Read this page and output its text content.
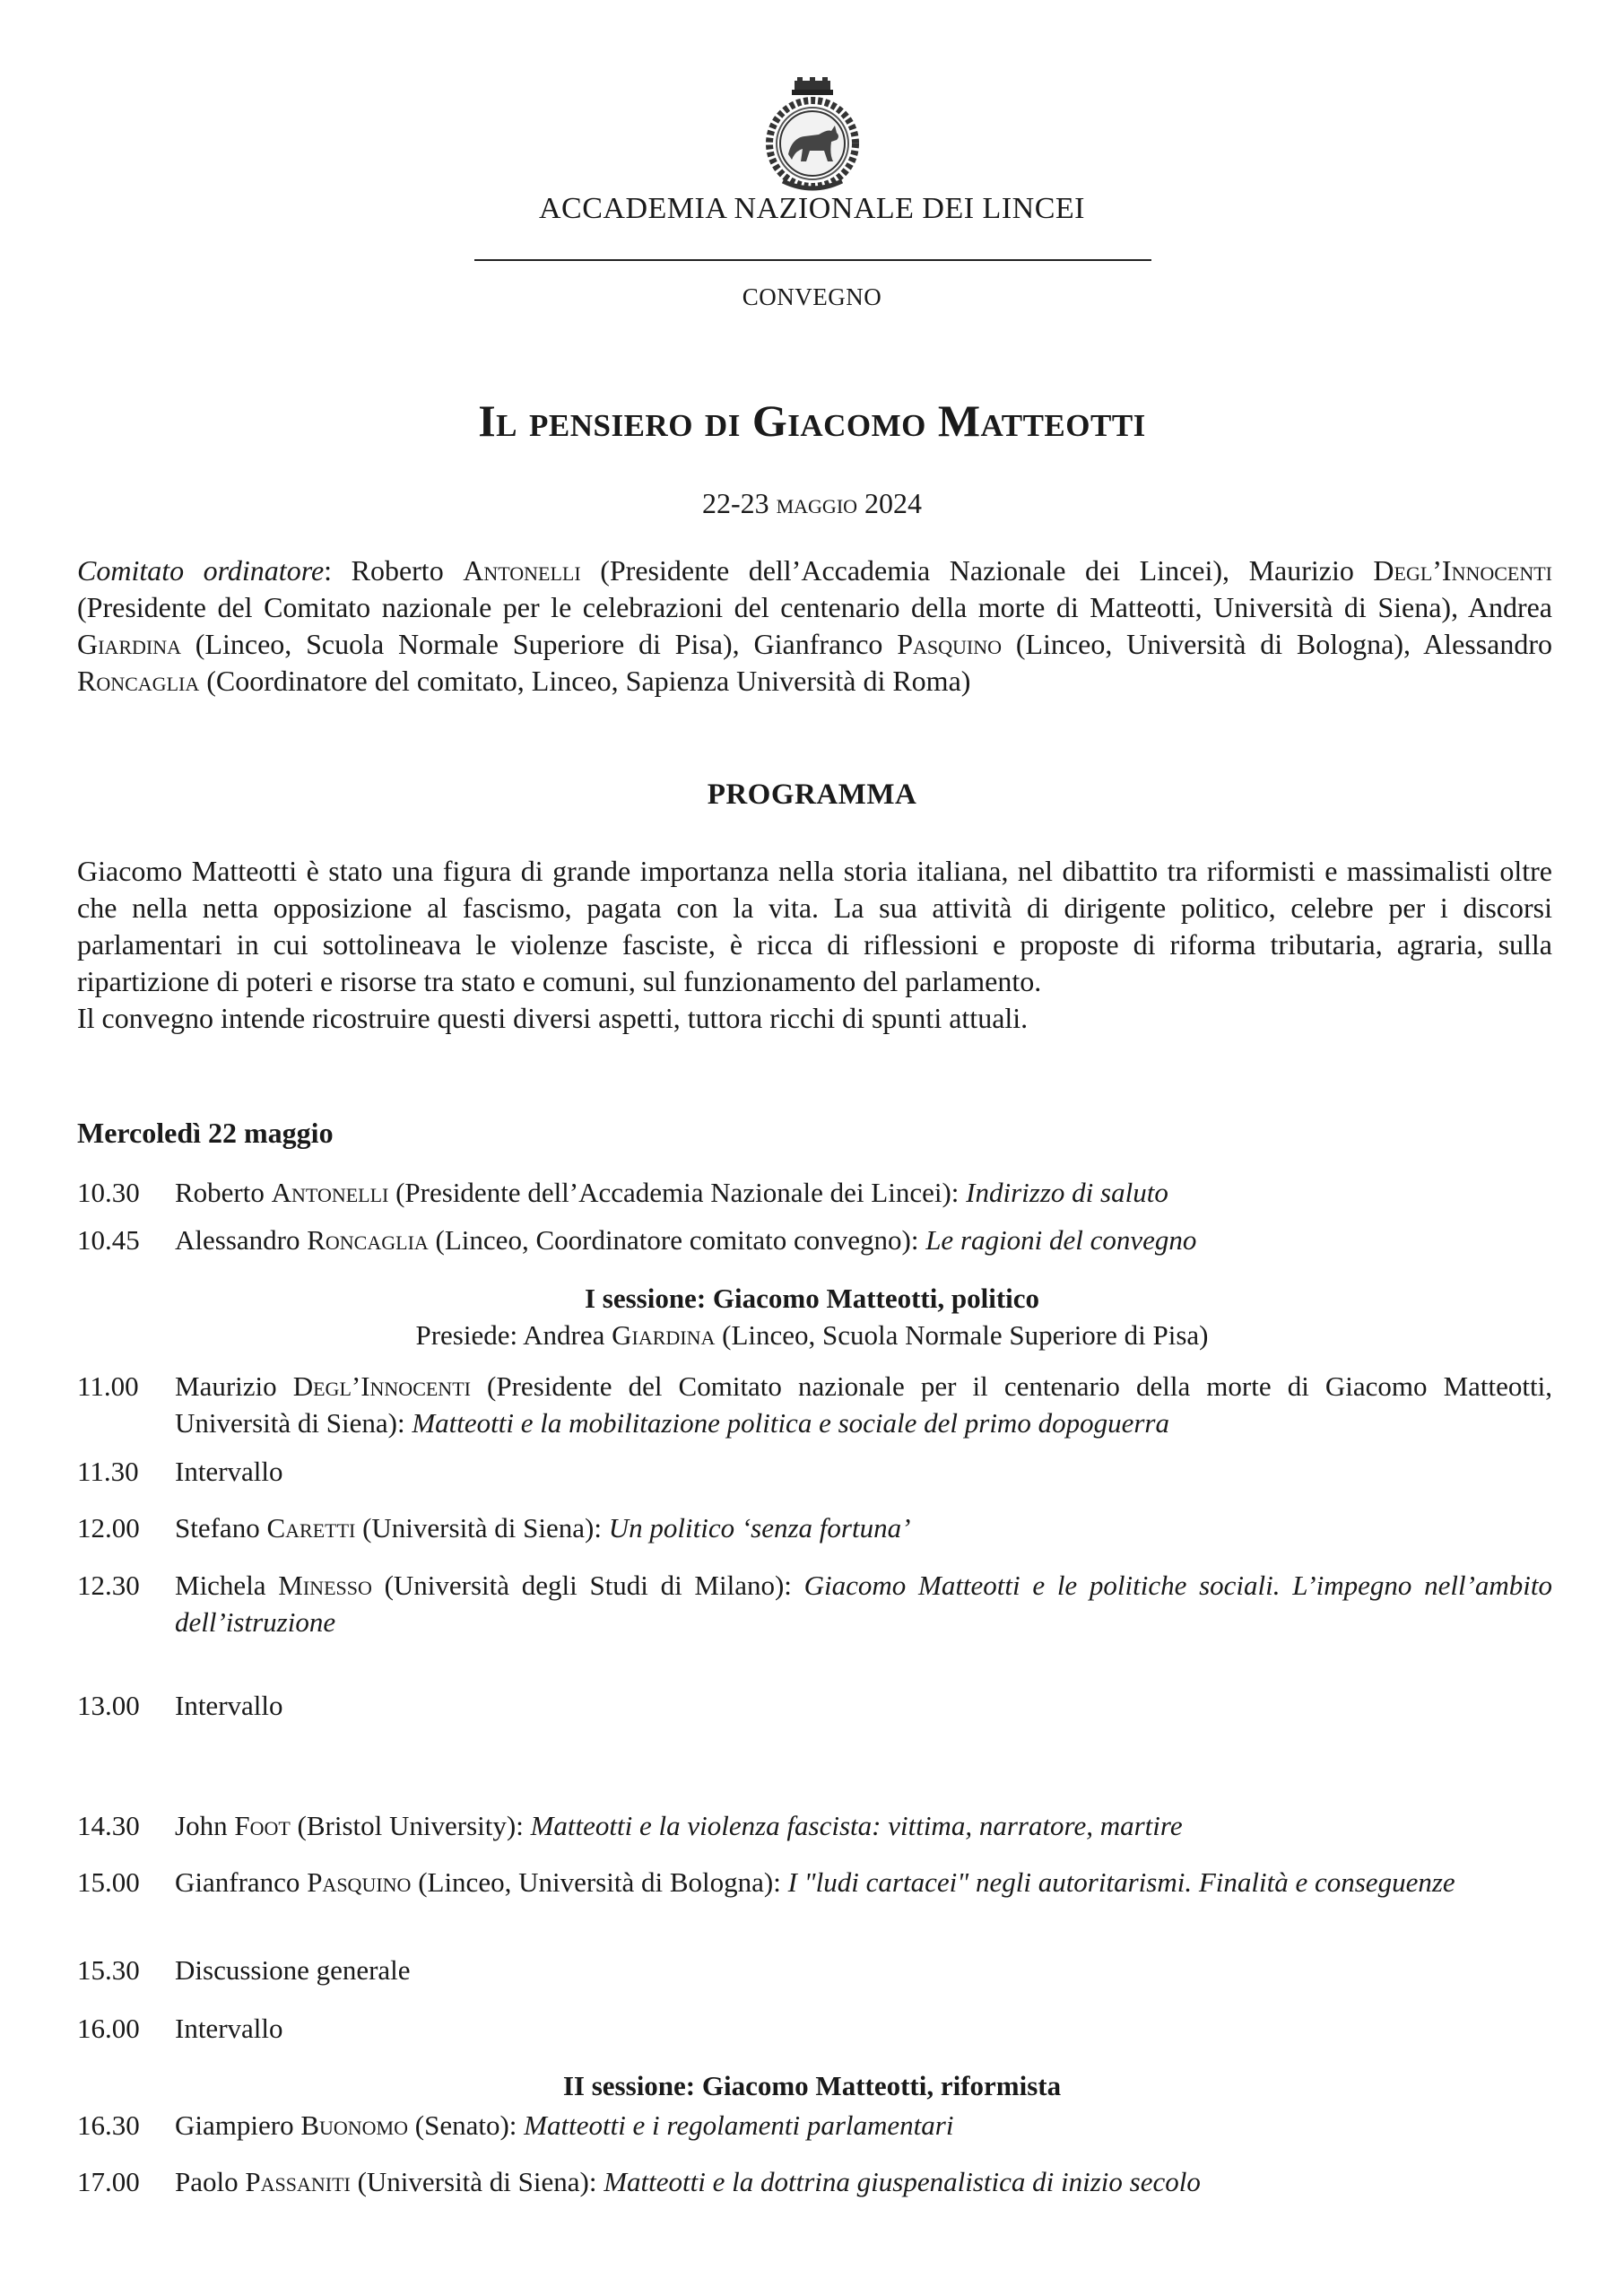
ACCADEMIA NAZIONALE DEI LINCEI
CONVEGNO
Il pensiero di Giacomo Matteotti
22-23 maggio 2024
Comitato ordinatore: Roberto Antonelli (Presidente dell’Accademia Nazionale dei Lincei), Maurizio Degl’Innocenti (Presidente del Comitato nazionale per le celebrazioni del centenario della morte di Matteotti, Università di Siena), Andrea Giardina (Linceo, Scuola Normale Superiore di Pisa), Gianfranco Pasquino (Linceo, Università di Bologna), Alessandro Roncaglia (Coordinatore del comitato, Linceo, Sapienza Università di Roma)
PROGRAMMA

Giacomo Matteotti è stato una figura di grande importanza nella storia italiana, nel dibattito tra riformisti e massimalisti oltre che nella netta opposizione al fascismo, pagata con la vita. La sua attività di dirigente politico, celebre per i discorsi parlamentari in cui sottolineava le violenze fasciste, è ricca di riflessioni e proposte di riforma tributaria, agraria, sulla ripartizione di poteri e risorse tra stato e comuni, sul funzionamento del parlamento.

Il convegno intende ricostruire questi diversi aspetti, tuttora ricchi di spunti attuali.

Mercoledì 22 maggio
10.30	Roberto Antonelli (Presidente dell’Accademia Nazionale dei Lincei): Indirizzo di saluto
10.45	Alessandro Roncaglia (Linceo, Coordinatore comitato convegno): Le ragioni del convegno
I sessione: Giacomo Matteotti, politico
Presiede: Andrea Giardina (Linceo, Scuola Normale Superiore di Pisa)
11.00	Maurizio Degl’Innocenti (Presidente del Comitato nazionale per il centenario della morte di Giacomo Matteotti, Università di Siena): Matteotti e la mobilitazione politica e sociale del primo dopoguerra
11.30	Intervallo
12.00	Stefano Caretti (Università di Siena): Un politico ‘senza fortuna’
12.30	Michela Minesso (Università degli Studi di Milano): Giacomo Matteotti e le politiche sociali. L’impegno nell’ambito dell’istruzione
13.00	Intervallo
14.30	John Foot (Bristol University): Matteotti e la violenza fascista: vittima, narratore, martire
15.00	Gianfranco Pasquino (Linceo, Università di Bologna): I "ludi cartacei" negli autoritarismi. Finalità e conseguenze
15.30	Discussione generale
16.00	Intervallo
II sessione: Giacomo Matteotti, riformista
16.30	Giampiero Buonomo (Senato): Matteotti e i regolamenti parlamentari
17.00	Paolo Passaniti (Università di Siena): Matteotti e la dottrina giuspenalistica di inizio secolo
